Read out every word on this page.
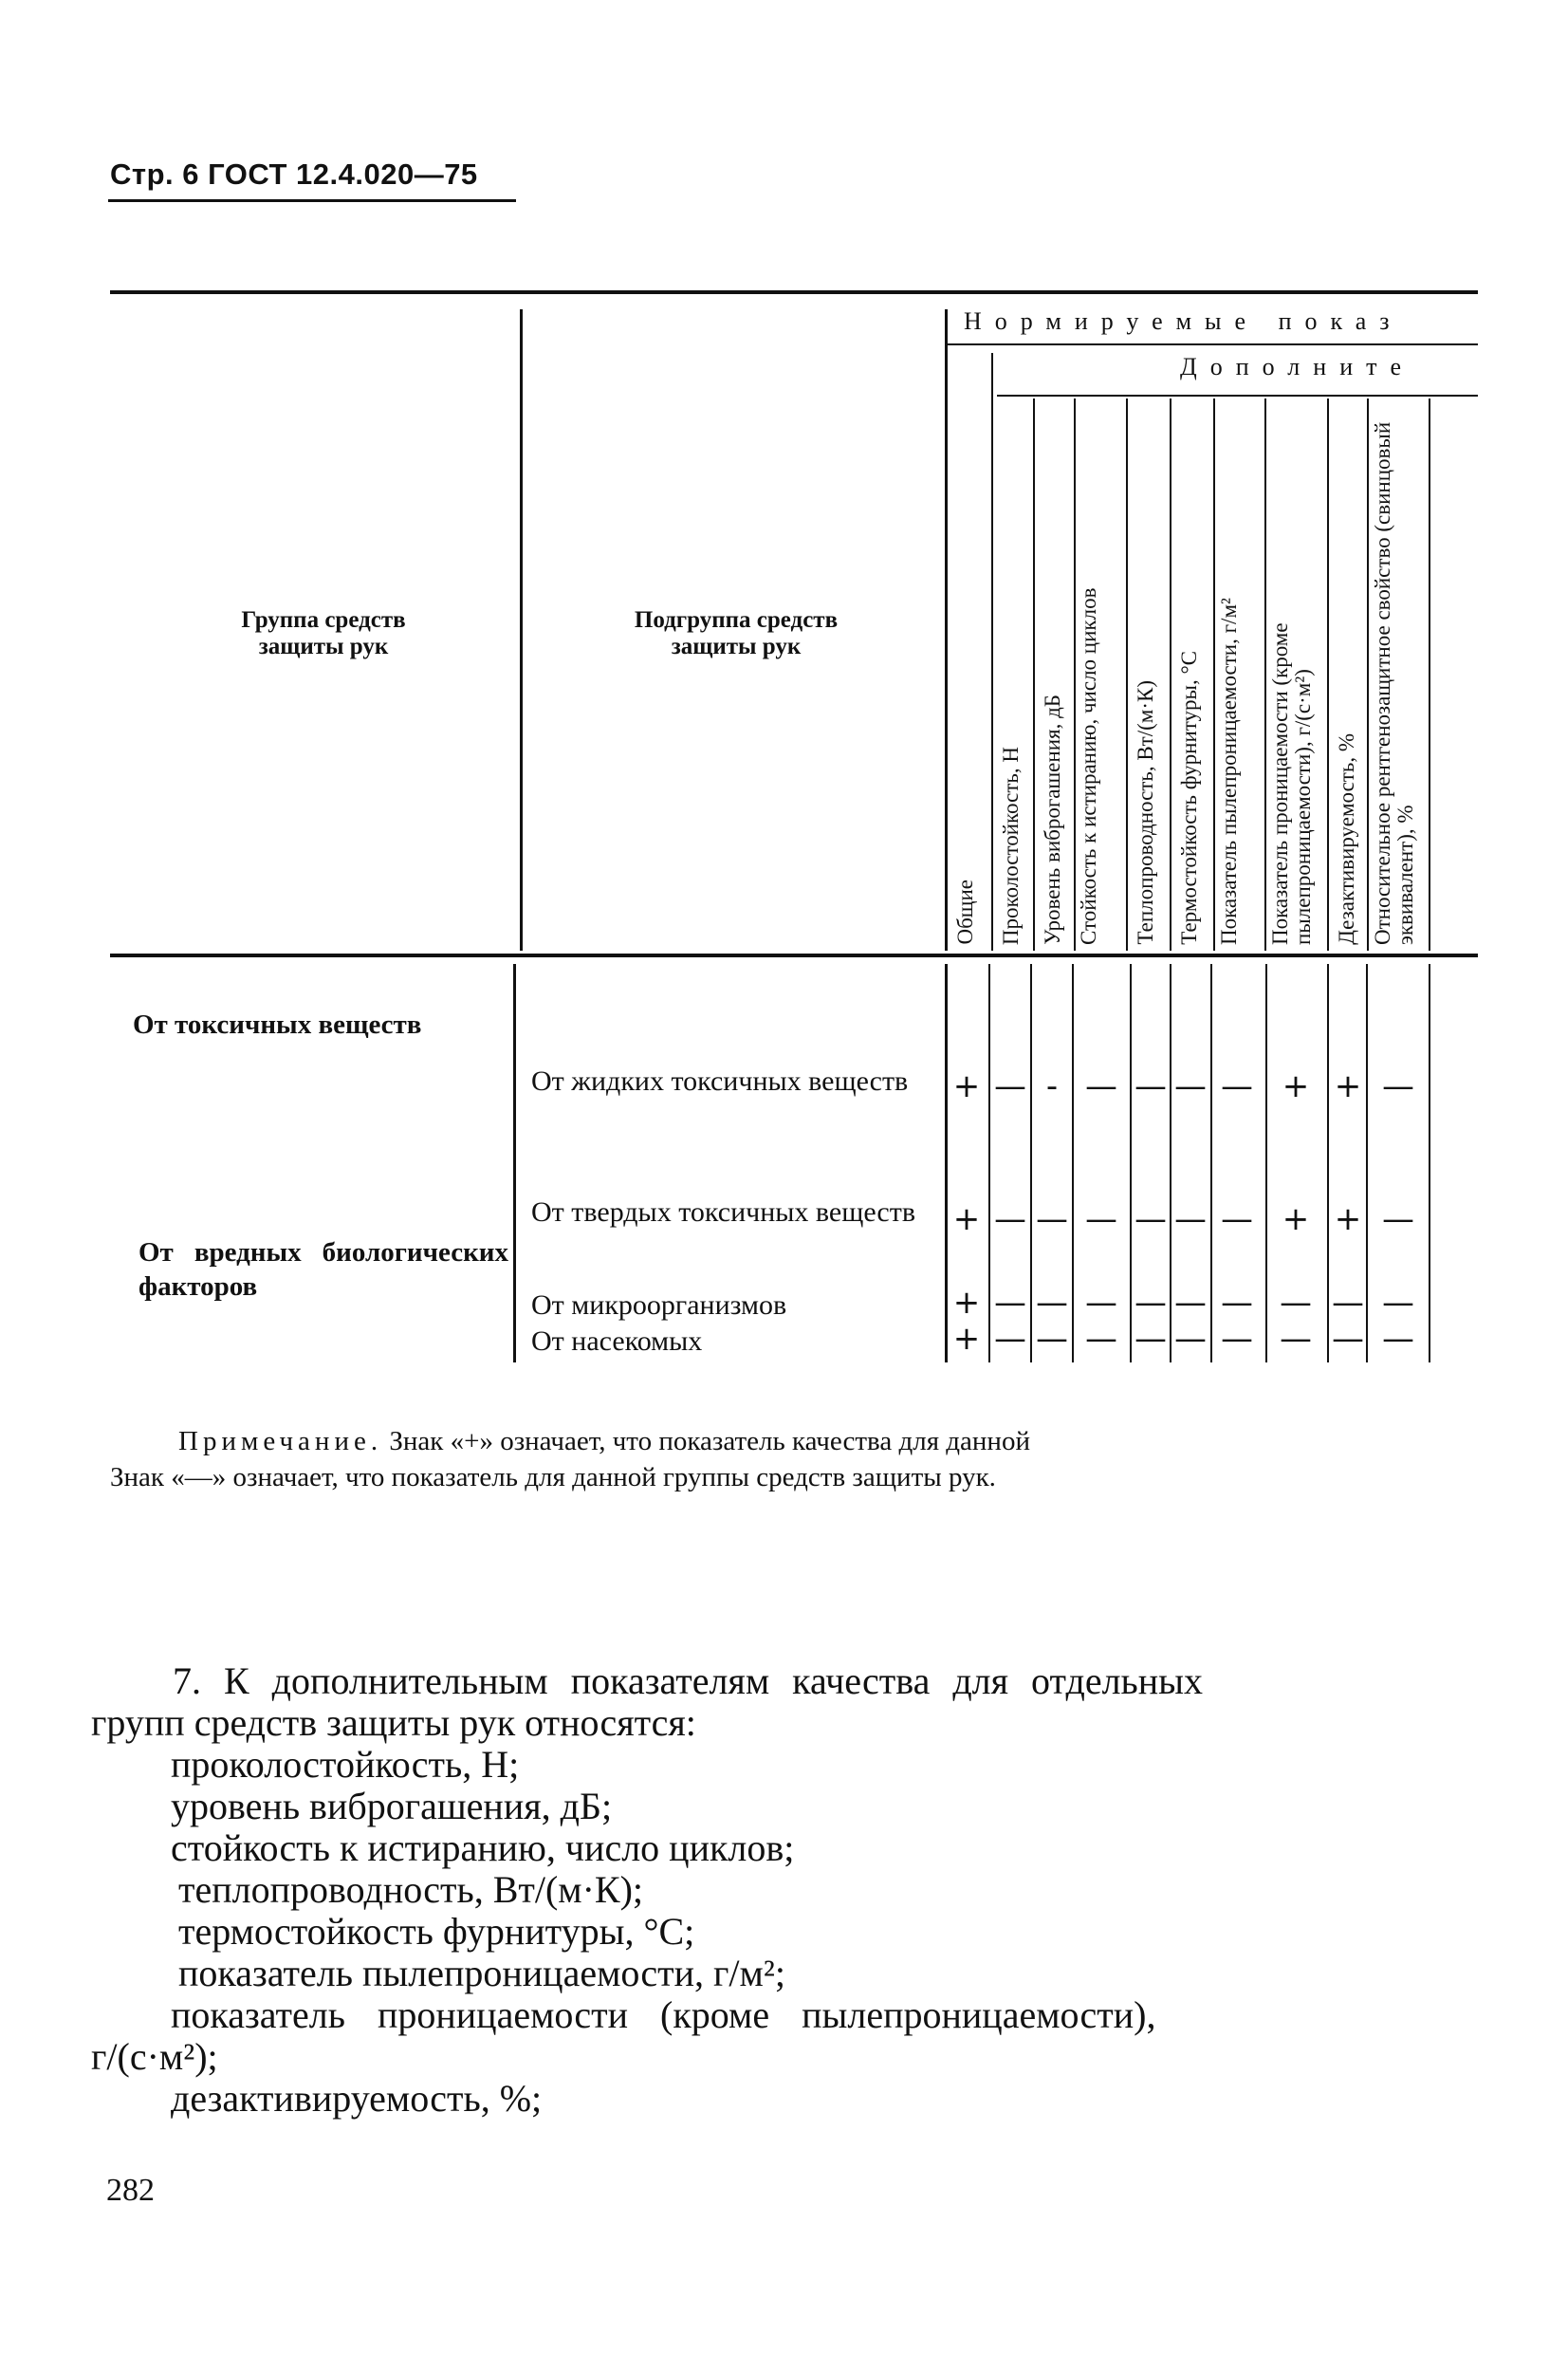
Стр. 6 ГОСТ 12.4.020—75
Группа средств защиты рук
Подгруппа средств защиты рук
Нормируемые показ
Дополните
Общие Проколостойкость, Н Уровень виброгашения, дБ Стойкость к истиранию, число циклов	Теплопроводность, Вт/(м·К) Термостойкость фурнитуры, °С Показатель пылепроницаемости, г/м²	Показатель проницаемости (кроме пылепроницаемости), г/(с·м²) Дезактивируемость, % Относительное рентгенозащитное свойство (свинцовый эквивалент), %
От токсичных веществ
От вредных биологических факторов
От жидких токсичных веществ
От твердых токсичных веществ
От микроорганизмов
От насекомых
+ — - — — — — + + —
+ — — — — — — + + —
+ — — — — — — — — —
+ — — — — — — — — —
Примечание. Знак «+» означает, что показатель качества для данной
Знак «—» означает, что показатель для данной группы средств защиты рук.
7. К дополнительным показателям качества для отдельных
групп средств защиты рук относятся:
проколостойкость, Н;
уровень виброгашения, дБ;
стойкость к истиранию, число циклов;
теплопроводность, Вт/(м·К);
термостойкость фурнитуры, °С;
показатель пылепроницаемости, г/м²;
показатель проницаемости (кроме пылепроницаемости),
г/(с·м²);
дезактивируемость, %;
282
